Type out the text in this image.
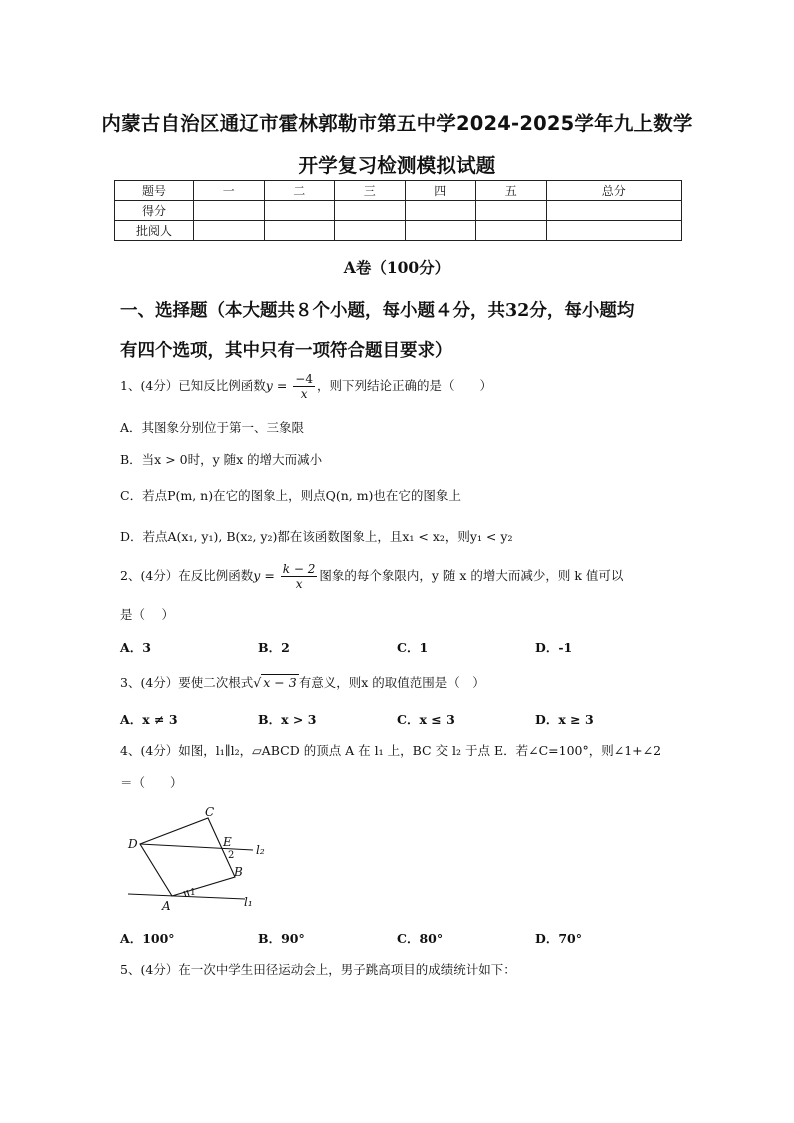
内蒙古自治区通辽市霍林郭勒市第五中学2024-2025学年九上数学
开学复习检测模拟试题
题号	一	二	三	四	五	总分
得分						
批阅人						
A卷（100分）
一、选择题（本大题共８个小题，每小题４分，共32分，每小题均
有四个选项，其中只有一项符合题目要求）
1、(4分）已知反比例函数$y = \frac{-4}{x}$ ，则下列结论正确的是（　　）
A．其图象分别位于第一、三象限
B．当x > 0时，y 随x 的增大而减小
C．若点P(m, n)在它的图象上，则点Q(n, m)也在它的图象上
D．若点A(x₁, y₁), B(x₂, y₂)都在该函数图象上，且x₁ < x₂，则y₁ < y₂
2、(4分）在反比例函数$y = \frac{k - 2}{x}$ 图象的每个象限内，y 随 x 的增大而减少，则 k 值可以
是（　 ）
A．3	B．2	C．1	D．-1
3、(4分）要使二次根式√ x − 3 有意义，则x 的取值范围是（　）
A．x ≠ 3	B．x > 3	C．x ≤ 3	D．x ≥ 3
4、(4分）如图，l₁∥l₂，▱ABCD 的顶点 A 在 l₁ 上，BC 交 l₂ 于点 E．若∠C=100°，则∠1+∠2
＝（　　）
C
D	E
2 l₂
B
A
1
l₁
A．100°	B．90°	C．80°	D．70°
5、(4分）在一次中学生田径运动会上，男子跳高项目的成绩统计如下：
